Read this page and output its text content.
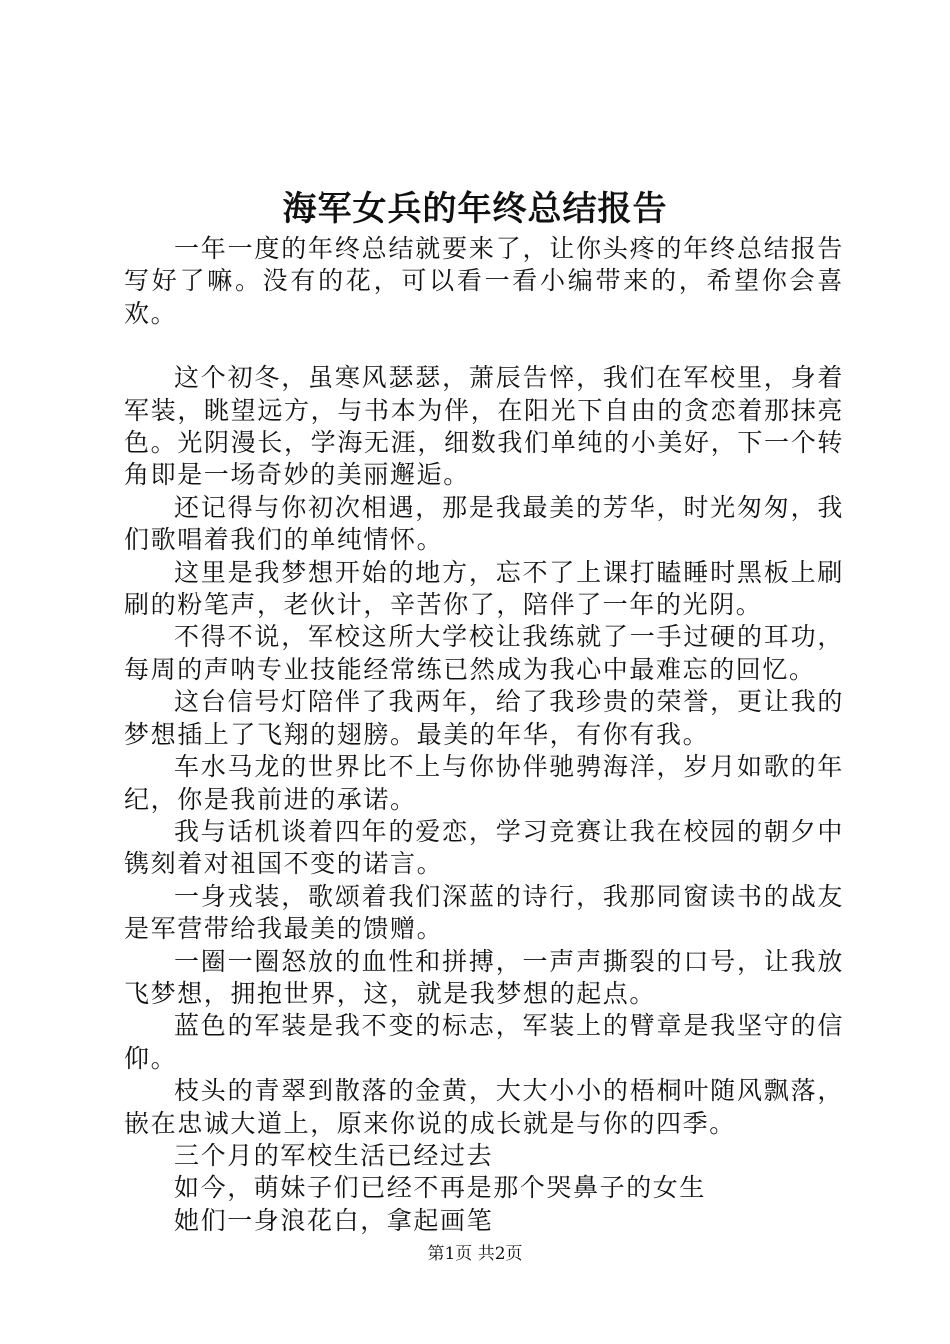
海军女兵的年终总结报告

一年一度的年终总结就要来了，让你头疼的年终总结报告写好了嘛。没有的花，可以看一看小编带来的，希望你会喜欢。

这个初冬，虽寒风瑟瑟，萧辰告悴，我们在军校里，身着军装，眺望远方，与书本为伴，在阳光下自由的贪恋着那抹亮色。光阴漫长，学海无涯，细数我们单纯的小美好，下一个转角即是一场奇妙的美丽邂逅。

还记得与你初次相遇，那是我最美的芳华，时光匆匆，我们歌唱着我们的单纯情怀。

这里是我梦想开始的地方，忘不了上课打瞌睡时黑板上刷刷的粉笔声，老伙计，辛苦你了，陪伴了一年的光阴。

不得不说，军校这所大学校让我练就了一手过硬的耳功，每周的声呐专业技能经常练已然成为我心中最难忘的回忆。

这台信号灯陪伴了我两年，给了我珍贵的荣誉，更让我的梦想插上了飞翔的翅膀。最美的年华，有你有我。

车水马龙的世界比不上与你协伴驰骋海洋，岁月如歌的年纪，你是我前进的承诺。

我与话机谈着四年的爱恋，学习竞赛让我在校园的朝夕中镌刻着对祖国不变的诺言。

一身戎装，歌颂着我们深蓝的诗行，我那同窗读书的战友是军营带给我最美的馈赠。

一圈一圈怒放的血性和拼搏，一声声撕裂的口号，让我放飞梦想，拥抱世界，这，就是我梦想的起点。

蓝色的军装是我不变的标志，军装上的臂章是我坚守的信仰。

枝头的青翠到散落的金黄，大大小小的梧桐叶随风飘落，嵌在忠诚大道上，原来你说的成长就是与你的四季。

三个月的军校生活已经过去

如今，萌妹子们已经不再是那个哭鼻子的女生

她们一身浪花白，拿起画笔

第1页 共2页
